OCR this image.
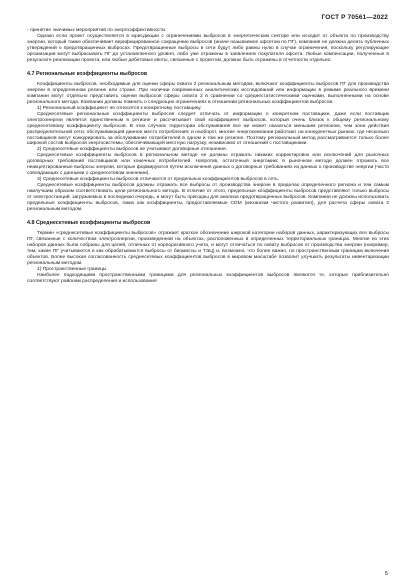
ГОСТ Р 70561—2022

- принятие значимых мероприятий по энергоэффективности.

Однако если проект осуществляется в юрисдикции с ограничениями выбросов в энергетическом секторе или исходит от объекта по производству энергии, который также обеспечивает верифицированное сокращение выбросов (иначе называемое офсетом по ПГ), компания не должна делать публичных утверждений о предотвращенных выбросах. Предотвращенные выбросы в сети будут либо равны нулю в случае ограничения, поскольку регулирующие организации могут выбрасывать ПГ до установленного уровня, либо уже отражены в заявлениях покупателя офсета. Любые компенсации, полученные в результате реализации проекта, или любые дебетовые квоты, связанные с проектом, должны быть отражены в отчетности отдельно.

4.7 Региональные коэффициенты выбросов

Коэффициенты выбросов, необходимые для оценки сферы охвата 2 региональным методом, включают коэффициенты выбросов ПГ для производства энергии в определенном регионе или стране. При наличии современных аналитических исследований или информации в режиме реального времени компании могут отдельно представить оценки выбросов сферы охвата 2 в сравнении со среднестатистическими оценками, выполненными на основе регионального метода. Компании должны помнить о следующих ограничениях в отношении региональных коэффициентов выбросов.

1) Региональный коэффициент не относится к конкретному поставщику.

Среднесетевые региональные коэффициенты выбросов следует отличать от информации о конкретном поставщике, даже если поставщик электроэнергии является единственным в регионе и рассчитывает свой коэффициент выбросов, который очень близок к общему региональному среднесетевому коэффициенту выбросов. В этих случаях территории обслуживания все же может оказаться меньшим регионом, чем зона действия распределительной сети, обслуживающей данное место потребления; и наоборот, многие энергокомпании работают на конкурентных рынках, где несколько поставщиков могут конкурировать за обслуживание потребителей в одном и том же регионе. Поэтому региональный метод рассматривается только более широкой состав выбросов энергосистемы, обеспечивающей местную нагрузку, независимо от отношений с поставщиками.

2) Среднесетевые коэффициенты выбросов не учитывают договорные отношения.

Среднесетевые коэффициенты выбросов в региональном методе не должны отражать никаких корректировок или исключений для рыночных договорных требований поставщиков или конечных потребителей. Напротив, остаточный энергомикс в рыночном методе должен отражать все неакцептированные выбросы энергии, которые формируются путем исключения данных о договорных требованиях из данных о производстве энергии (часто совпадающих с данными о среднесетевом значении).

3) Среднесетевые коэффициенты выбросов отличаются от предельных коэффициентов выбросов в сеть.

Среднесетевые коэффициенты выбросов должны отражать все выбросы от производства энергии в пределах определенного региона и тем самым наилучшим образом соответствовать цели регионального метода. В отличие от этого, предельные коэффициенты выбросов представляют только выбросы от электростанций, загружаемых в последнюю очередь, и могут быть пригодны для анализа предотвращенных выбросов. Компании не должны использовать предельные коэффициенты выбросов, таких как коэффициенты, предоставляемые CDM (механизм чистого развития), для расчета сферы охвата 2 региональным методом.

4.8 Среднесетевые коэффициенты выбросов

Термин «среднесетевые коэффициенты выбросов» отражает краткое обозначение широкой категории наборов данных, характеризующих все выбросы ПГ, связанные с количеством электроэнергии, произведенной на объектах, расположенных в определенных территориальных границах. Многие из этих наборов данных были собраны для целей, отличных от корпоративного учета, и могут отличаться по охвату выбросов от производства энергии (например, тем, какие ПГ учитываются и как обрабатываются выбросы от биомассы и ТЭЦ) и, возможно, что более важно, по пространственным границам включения объектов. Более высокая согласованность среднесетевых коэффициентов выбросов в мировом масштабе позволит улучшить результаты инвентаризации региональным методом.

1) Пространственные границы

Наиболее подходящими пространственными границами для региональных коэффициентов выбросов являются те, которые приблизительно соответствуют районам распределения и использования

5
